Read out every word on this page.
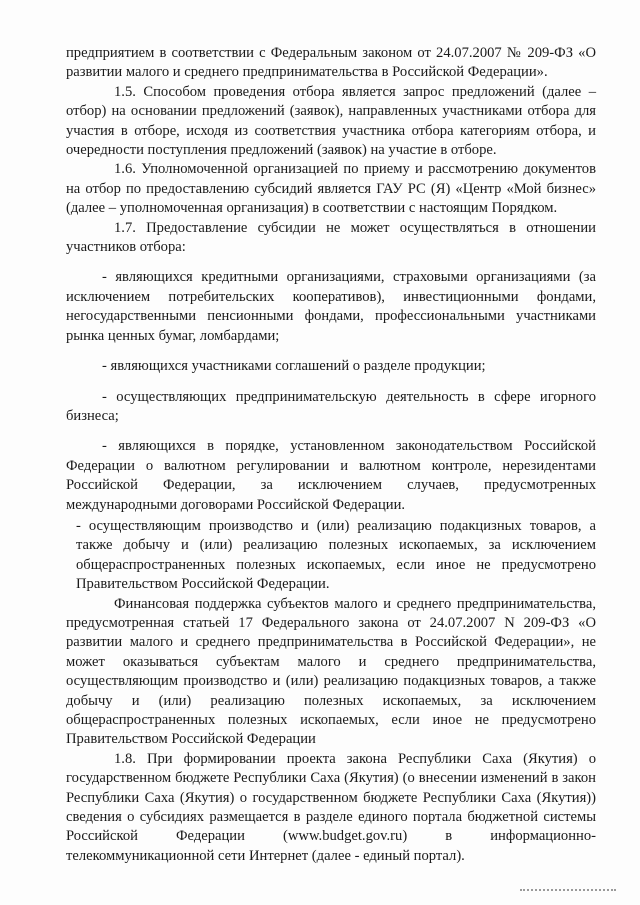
предприятием в соответствии с Федеральным законом от 24.07.2007 № 209-ФЗ «О развитии малого и среднего предпринимательства в Российской Федерации».

1.5. Способом проведения отбора является запрос предложений (далее – отбор) на основании предложений (заявок), направленных участниками отбора для участия в отборе, исходя из соответствия участника отбора категориям отбора, и очередности поступления предложений (заявок) на участие в отборе.

1.6. Уполномоченной организацией по приему и рассмотрению документов на отбор по предоставлению субсидий является ГАУ РС (Я) «Центр «Мой бизнес» (далее – уполномоченная организация) в соответствии с настоящим Порядком.

1.7. Предоставление субсидии не может осуществляться в отношении участников отбора:

- являющихся кредитными организациями, страховыми организациями (за исключением потребительских кооперативов), инвестиционными фондами, негосударственными пенсионными фондами, профессиональными участниками рынка ценных бумаг, ломбардами;

- являющихся участниками соглашений о разделе продукции;

- осуществляющих предпринимательскую деятельность в сфере игорного бизнеса;

- являющихся в порядке, установленном законодательством Российской Федерации о валютном регулировании и валютном контроле, нерезидентами Российской Федерации, за исключением случаев, предусмотренных международными договорами Российской Федерации.

- осуществляющим производство и (или) реализацию подакцизных товаров, а также добычу и (или) реализацию полезных ископаемых, за исключением общераспространенных полезных ископаемых, если иное не предусмотрено Правительством Российской Федерации.

Финансовая поддержка субъектов малого и среднего предпринимательства, предусмотренная статьей 17 Федерального закона от 24.07.2007 N 209-ФЗ «О развитии малого и среднего предпринимательства в Российской Федерации», не может оказываться субъектам малого и среднего предпринимательства, осуществляющим производство и (или) реализацию подакцизных товаров, а также добычу и (или) реализацию полезных ископаемых, за исключением общераспространенных полезных ископаемых, если иное не предусмотрено Правительством Российской Федерации

1.8. При формировании проекта закона Республики Саха (Якутия) о государственном бюджете Республики Саха (Якутия) (о внесении изменений в закон Республики Саха (Якутия) о государственном бюджете Республики Саха (Якутия)) сведения о субсидиях размещается в разделе единого портала бюджетной системы Российской Федерации (www.budget.gov.ru) в информационно-телекоммуникационной сети Интернет (далее - единый портал).
